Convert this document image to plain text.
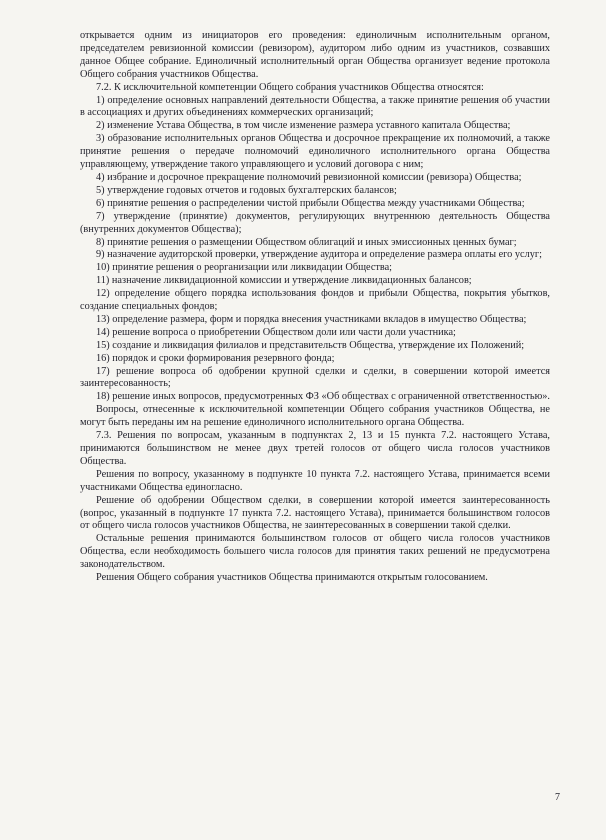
открывается одним из инициаторов его проведения: единоличным исполнительным органом, председателем ревизионной комиссии (ревизором), аудитором либо одним из участников, созвавших данное Общее собрание. Единоличный исполнительный орган Общества организует ведение протокола Общего собрания участников Общества.

7.2. К исключительной компетенции Общего собрания участников Общества относятся:

1) определение основных направлений деятельности Общества, а также принятие решения об участии в ассоциациях и других объединениях коммерческих организаций;

2) изменение Устава Общества, в том числе изменение размера уставного капитала Общества;

3) образование исполнительных органов Общества и досрочное прекращение их полномочий, а также принятие решения о передаче полномочий единоличного исполнительного органа Общества управляющему, утверждение такого управляющего и условий договора с ним;

4) избрание и досрочное прекращение полномочий ревизионной комиссии (ревизора) Общества;

5) утверждение годовых отчетов и годовых бухгалтерских балансов;

6) принятие решения о распределении чистой прибыли Общества между участниками Общества;

7) утверждение (принятие) документов, регулирующих внутреннюю деятельность Общества (внутренних документов Общества);

8) принятие решения о размещении Обществом облигаций и иных эмиссионных ценных бумаг;

9) назначение аудиторской проверки, утверждение аудитора и определение размера оплаты его услуг;

10) принятие решения о реорганизации или ликвидации Общества;

11) назначение ликвидационной комиссии и утверждение ликвидационных балансов;

12) определение общего порядка использования фондов и прибыли Общества, покрытия убытков, создание специальных фондов;

13) определение размера, форм и порядка внесения участниками вкладов в имущество Общества;

14) решение вопроса о приобретении Обществом доли или части доли участника;

15) создание и ликвидация филиалов и представительств Общества, утверждение их Положений;

16) порядок и сроки формирования резервного фонда;

17) решение вопроса об одобрении крупной сделки и сделки, в совершении которой имеется заинтересованность;

18) решение иных вопросов, предусмотренных ФЗ «Об обществах с ограниченной ответственностью».

Вопросы, отнесенные к исключительной компетенции Общего собрания участников Общества, не могут быть переданы им на решение единоличного исполнительного органа Общества.

7.3. Решения по вопросам, указанным в подпунктах 2, 13 и 15 пункта 7.2. настоящего Устава, принимаются большинством не менее двух третей голосов от общего числа голосов участников Общества.

Решения по вопросу, указанному в подпункте 10 пункта 7.2. настоящего Устава, принимается всеми участниками Общества единогласно.

Решение об одобрении Обществом сделки, в совершении которой имеется заинтересованность (вопрос, указанный в подпункте 17 пункта 7.2. настоящего Устава), принимается большинством голосов от общего числа голосов участников Общества, не заинтересованных в совершении такой сделки.

Остальные решения принимаются большинством голосов от общего числа голосов участников Общества, если необходимость большего числа голосов для принятия таких решений не предусмотрена законодательством.

Решения Общего собрания участников Общества принимаются открытым голосованием.

7
